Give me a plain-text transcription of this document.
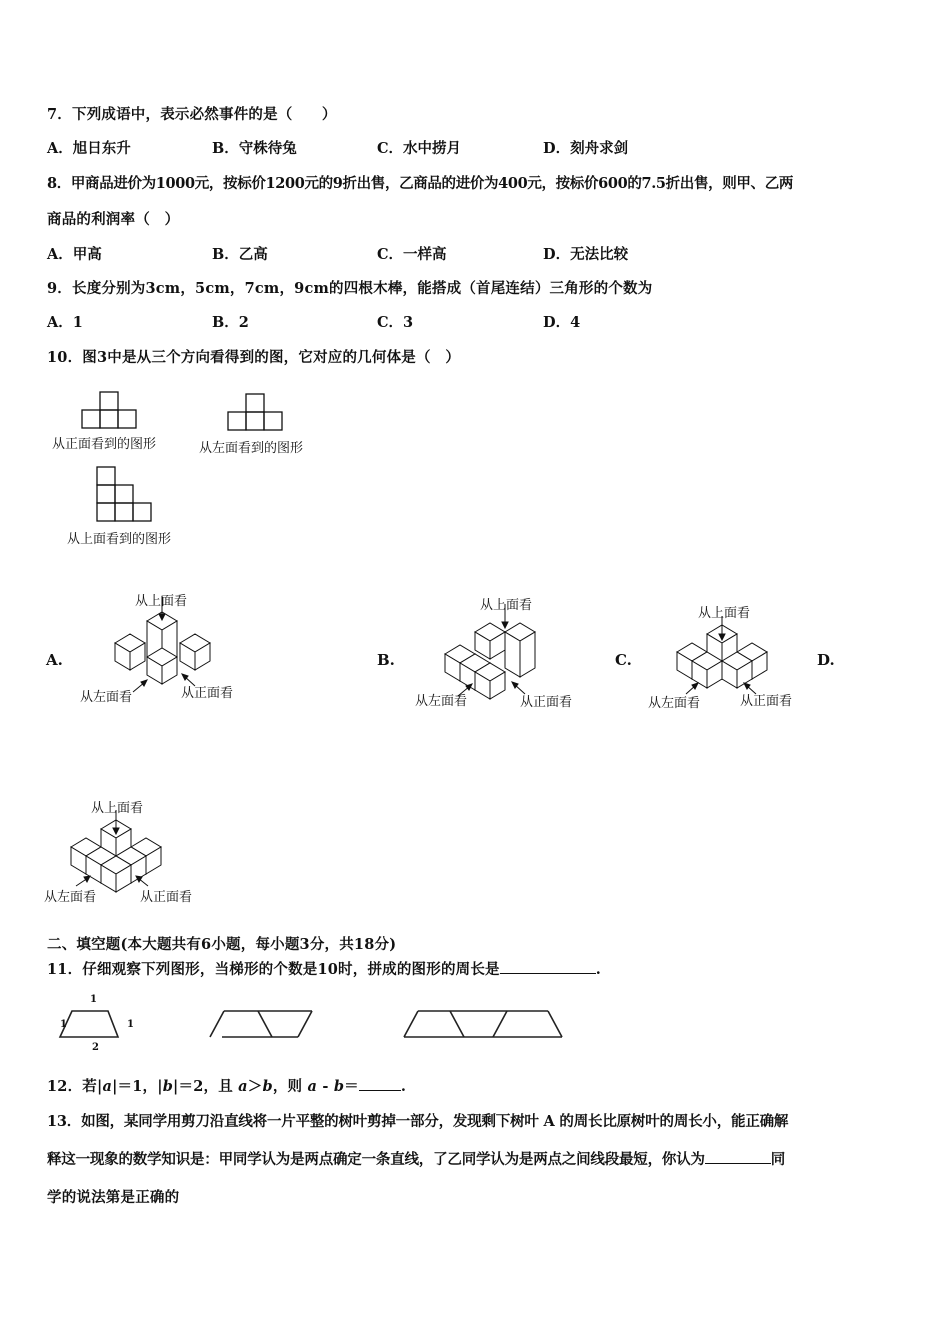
7．下列成语中，表示必然事件的是（　　）
A．旭日东升	B．守株待兔	C．水中捞月	D．刻舟求剑
8．甲商品进价为1000元，按标价1200元的9折出售，乙商品的进价为400元，按标价600的7.5折出售，则甲、乙两
商品的利润率（　）
A．甲高	B．乙高	C．一样高	D．无法比较
9．长度分别为3cm，5cm，7cm，9cm的四根木棒，能搭成（首尾连结）三角形的个数为
A．1	B．2	C．3	D．4
10．图3中是从三个方向看得到的图，它对应的几何体是（　）
从正面看到的图形	从左面看到的图形
从上面看到的图形
A.
从上面看
从左面看	从正面看
B.
从上面看
从左面看	从正面看
C.
从上面看
从左面看	从正面看
D.
从上面看
从左面看	从正面看
二、填空题(本大题共有6小题，每小题3分，共18分)
11．仔细观察下列图形，当梯形的个数是10时，拼成的图形的周长是	.
1
1	1
2
12．若|a|＝1，|b|＝2，且 a＞b，则 a - b＝	.
13．如图，某同学用剪刀沿直线将一片平整的树叶剪掉一部分，发现剩下树叶 A 的周长比原树叶的周长小，能正确解
释这一现象的数学知识是：甲同学认为是两点确定一条直线，了乙同学认为是两点之间线段最短，你认为	同
学的说法第是正确的
